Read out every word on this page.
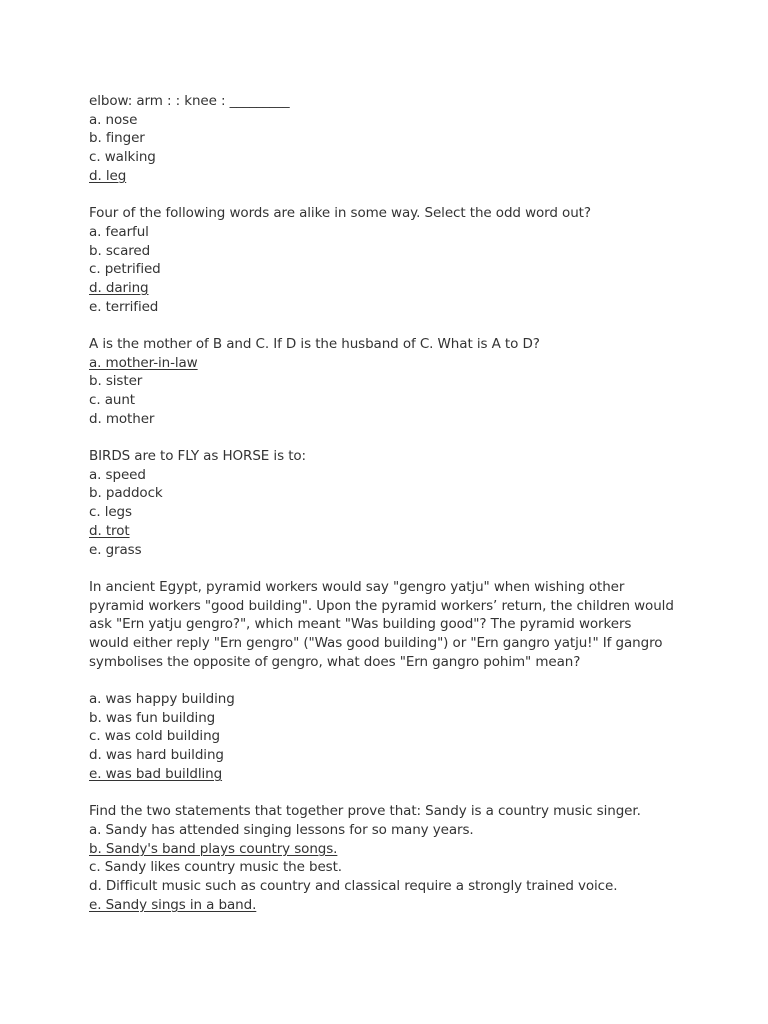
elbow: arm : : knee : _________
a. nose
b. finger
c. walking
d. leg
Four of the following words are alike in some way. Select the odd word out?
a. fearful
b. scared
c. petrified
d. daring
e. terrified
A is the mother of B and C. If D is the husband of C. What is A to D?
a. mother-in-law
b. sister
c. aunt
d. mother
BIRDS are to FLY as HORSE is to:
a. speed
b. paddock
c. legs
d. trot
e. grass
In ancient Egypt, pyramid workers would say "gengro yatju" when wishing other
pyramid workers "good building". Upon the pyramid workers’ return, the children would
ask "Ern yatju gengro?", which meant "Was building good"? The pyramid workers
would either reply "Ern gengro" ("Was good building") or "Ern gangro yatju!" If gangro
symbolises the opposite of gengro, what does "Ern gangro pohim" mean?
a. was happy building
b. was fun building
c. was cold building
d. was hard building
e. was bad buildling
Find the two statements that together prove that: Sandy is a country music singer.
a. Sandy has attended singing lessons for so many years.
b. Sandy's band plays country songs.
c. Sandy likes country music the best.
d. Difficult music such as country and classical require a strongly trained voice.
e. Sandy sings in a band.
